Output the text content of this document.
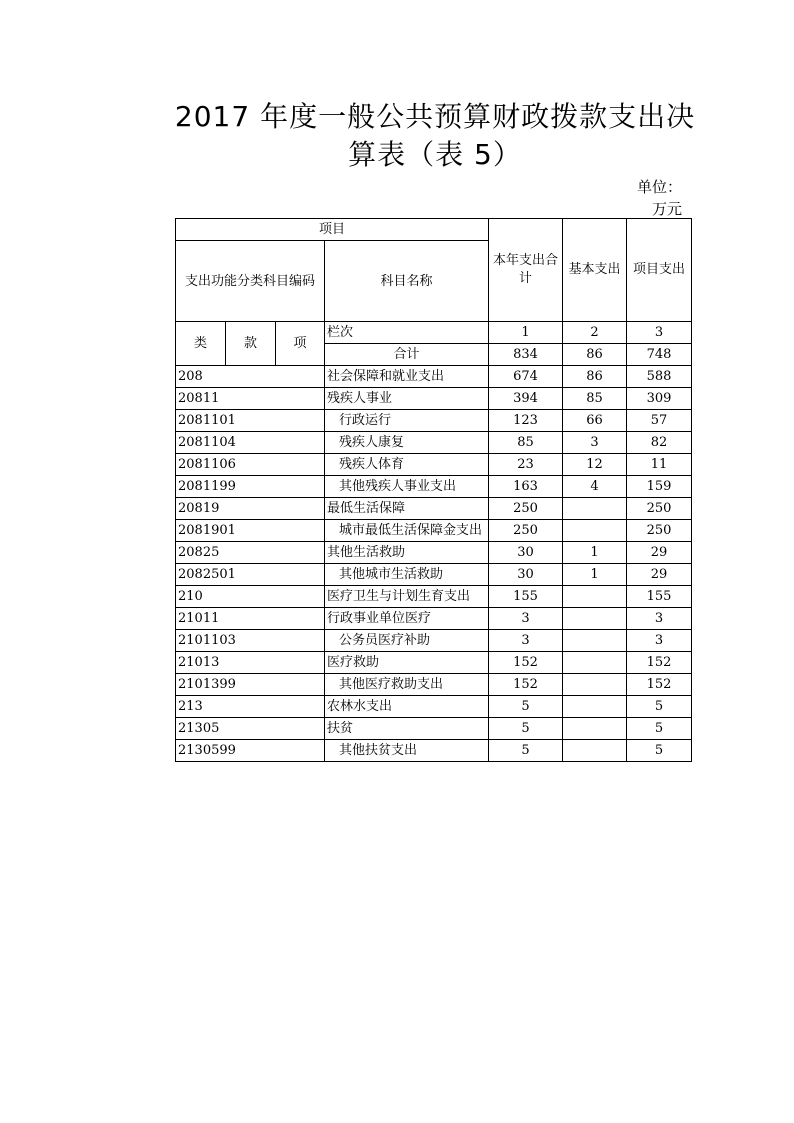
2017 年度一般公共预算财政拨款支出决
算表（表 5）
单位：
万元
项目				本年支出合计	基本支出	项目支出
支出功能分类科目编码			科目名称			
类	款	项	栏次	1	2	3
			合计	834	86	748
208			社会保障和就业支出	674	86	588
20811			残疾人事业	394	85	309
2081101			行政运行	123	66	57
2081104			残疾人康复	85	3	82
2081106			残疾人体育	23	12	11
2081199			其他残疾人事业支出	163	4	159
20819			最低生活保障	250		250
2081901			城市最低生活保障金支出	250		250
20825			其他生活救助	30	1	29
2082501			其他城市生活救助	30	1	29
210			医疗卫生与计划生育支出	155		155
21011			行政事业单位医疗	3		3
2101103			公务员医疗补助	3		3
21013			医疗救助	152		152
2101399			其他医疗救助支出	152		152
213			农林水支出	5		5
21305			扶贫	5		5
2130599			其他扶贫支出	5		5
